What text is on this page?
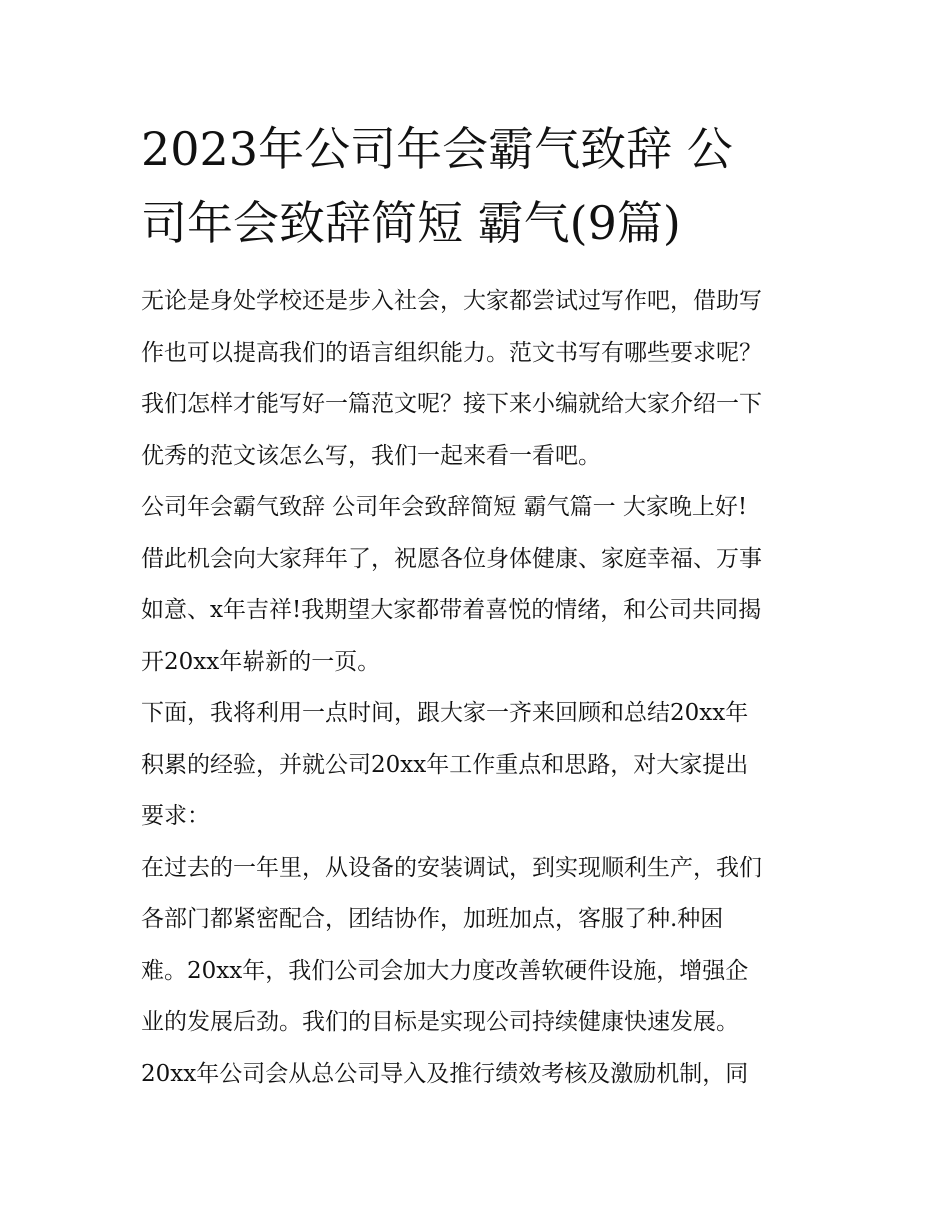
2023年公司年会霸气致辞 公
司年会致辞简短 霸气(9篇)
无论是身处学校还是步入社会，大家都尝试过写作吧，借助写
作也可以提高我们的语言组织能力。范文书写有哪些要求呢？
我们怎样才能写好一篇范文呢？接下来小编就给大家介绍一下
优秀的范文该怎么写，我们一起来看一看吧。
公司年会霸气致辞 公司年会致辞简短 霸气篇一 大家晚上好!
借此机会向大家拜年了，祝愿各位身体健康、家庭幸福、万事
如意、x年吉祥!我期望大家都带着喜悦的情绪，和公司共同揭
开20xx年崭新的一页。
下面，我将利用一点时间，跟大家一齐来回顾和总结20xx年
积累的经验，并就公司20xx年工作重点和思路，对大家提出
要求：
在过去的一年里，从设备的安装调试，到实现顺利生产，我们
各部门都紧密配合，团结协作，加班加点，客服了种.种困
难。20xx年，我们公司会加大力度改善软硬件设施，增强企
业的发展后劲。我们的目标是实现公司持续健康快速发展。
20xx年公司会从总公司导入及推行绩效考核及激励机制，同
